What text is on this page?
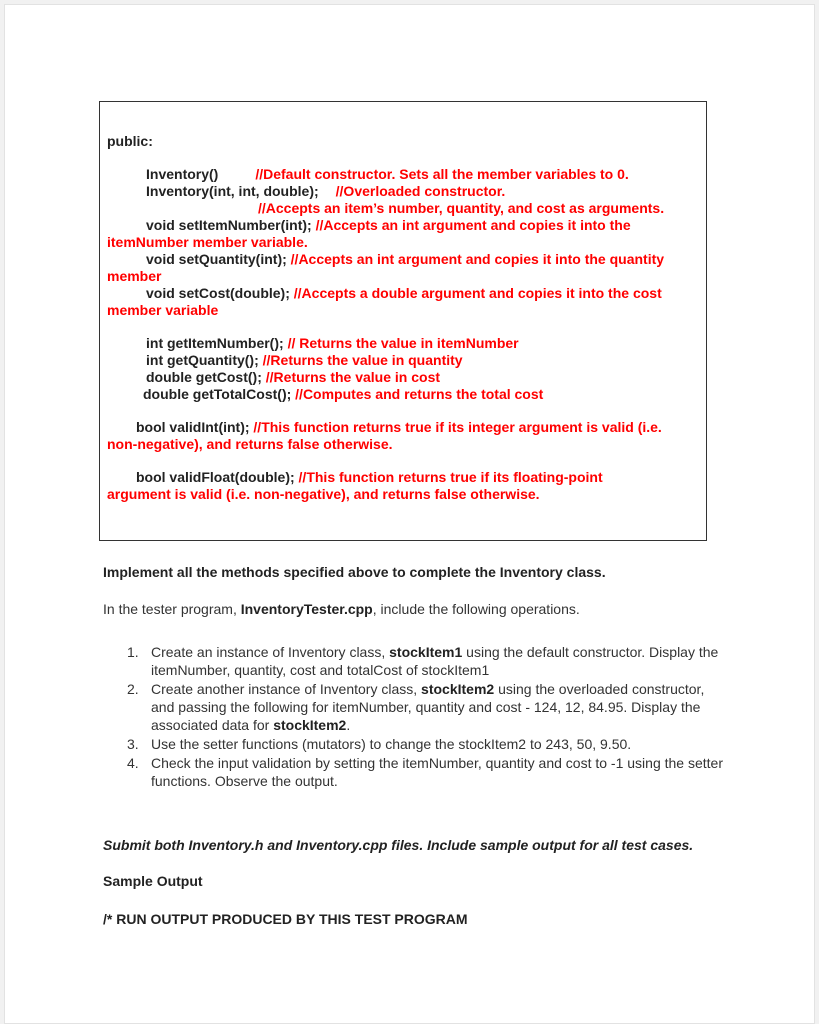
public:
Inventory()	//Default constructor. Sets all the member variables to 0.
Inventory(int, int, double); //Overloaded constructor.
//Accepts an item’s number, quantity, and cost as arguments.
void setItemNumber(int); //Accepts an int argument and copies it into the
itemNumber member variable.
void setQuantity(int); //Accepts an int argument and copies it into the quantity
member
void setCost(double); //Accepts a double argument and copies it into the cost
member variable
int getItemNumber(); // Returns the value in itemNumber
int getQuantity(); //Returns the value in quantity
double getCost(); //Returns the value in cost
double getTotalCost(); //Computes and returns the total cost
bool validInt(int); //This function returns true if its integer argument is valid (i.e.
non-negative), and returns false otherwise.
bool validFloat(double); //This function returns true if its floating-point
argument is valid (i.e. non-negative), and returns false otherwise.
Implement all the methods specified above to complete the Inventory class.
In the tester program, InventoryTester.cpp, include the following operations.
1. Create an instance of Inventory class, stockItem1 using the default constructor. Display the itemNumber, quantity, cost and totalCost of stockItem1
2. Create another instance of Inventory class, stockItem2 using the overloaded constructor, and passing the following for itemNumber, quantity and cost - 124, 12, 84.95. Display the associated data for stockItem2.
3. Use the setter functions (mutators) to change the stockItem2 to 243, 50, 9.50.
4. Check the input validation by setting the itemNumber, quantity and cost to -1 using the setter functions. Observe the output.
Submit both Inventory.h and Inventory.cpp files. Include sample output for all test cases.
Sample Output
/* RUN OUTPUT PRODUCED BY THIS TEST PROGRAM
